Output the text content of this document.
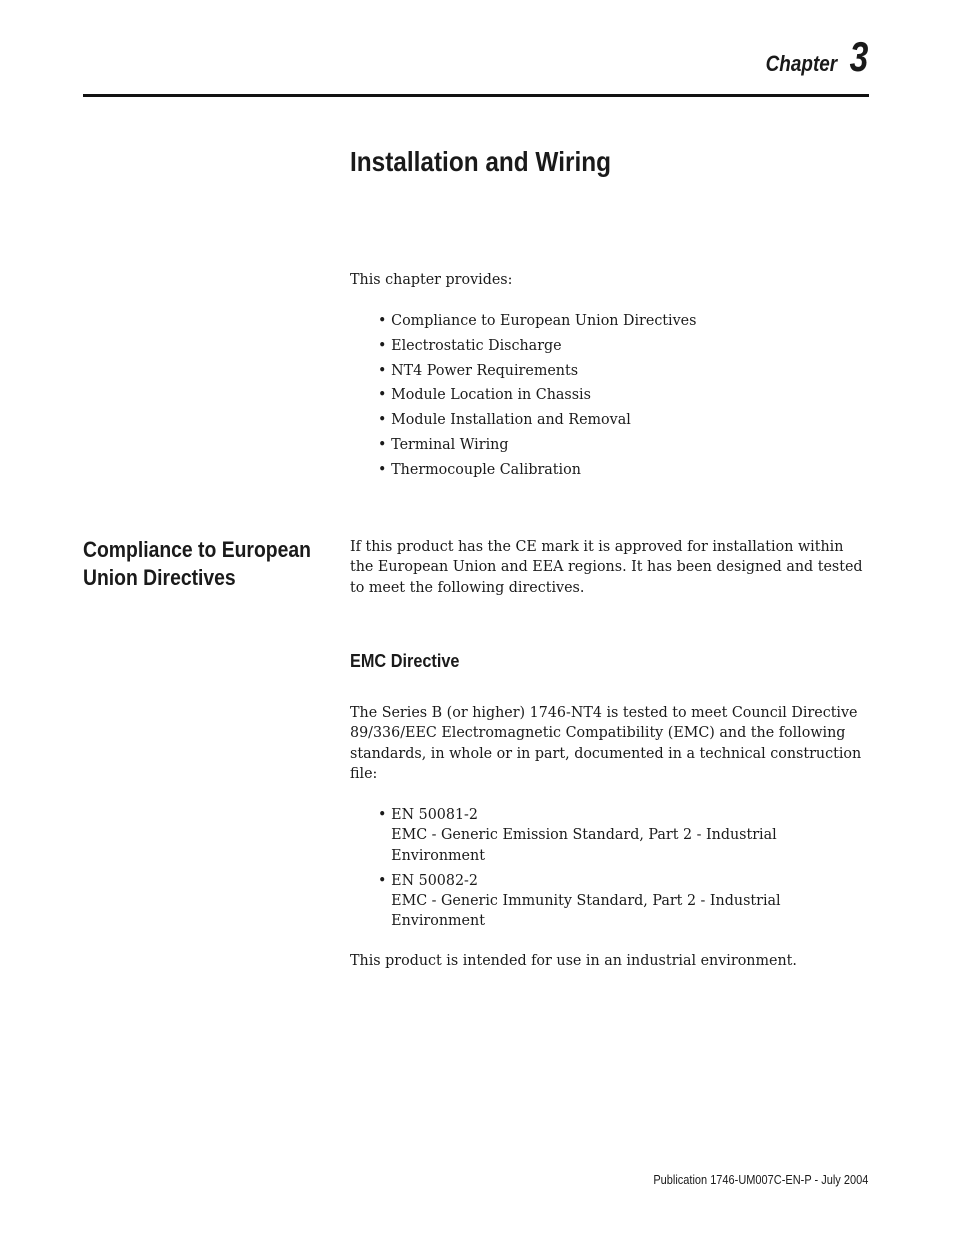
Chapter 3
Installation and Wiring

This chapter provides:

• Compliance to European Union Directives
• Electrostatic Discharge
• NT4 Power Requirements
• Module Location in Chassis
• Module Installation and Removal
• Terminal Wiring
• Thermocouple Calibration
Compliance to European Union Directives

If this product has the CE mark it is approved for installation within the European Union and EEA regions. It has been designed and tested to meet the following directives.

EMC Directive

The Series B (or higher) 1746-NT4 is tested to meet Council Directive 89/336/EEC Electromagnetic Compatibility (EMC) and the following standards, in whole or in part, documented in a technical construction file:

• EN 50081-2
EMC - Generic Emission Standard, Part 2 - Industrial Environment
• EN 50082-2
EMC - Generic Immunity Standard, Part 2 - Industrial Environment

This product is intended for use in an industrial environment.

Publication 1746-UM007C-EN-P - July 2004
